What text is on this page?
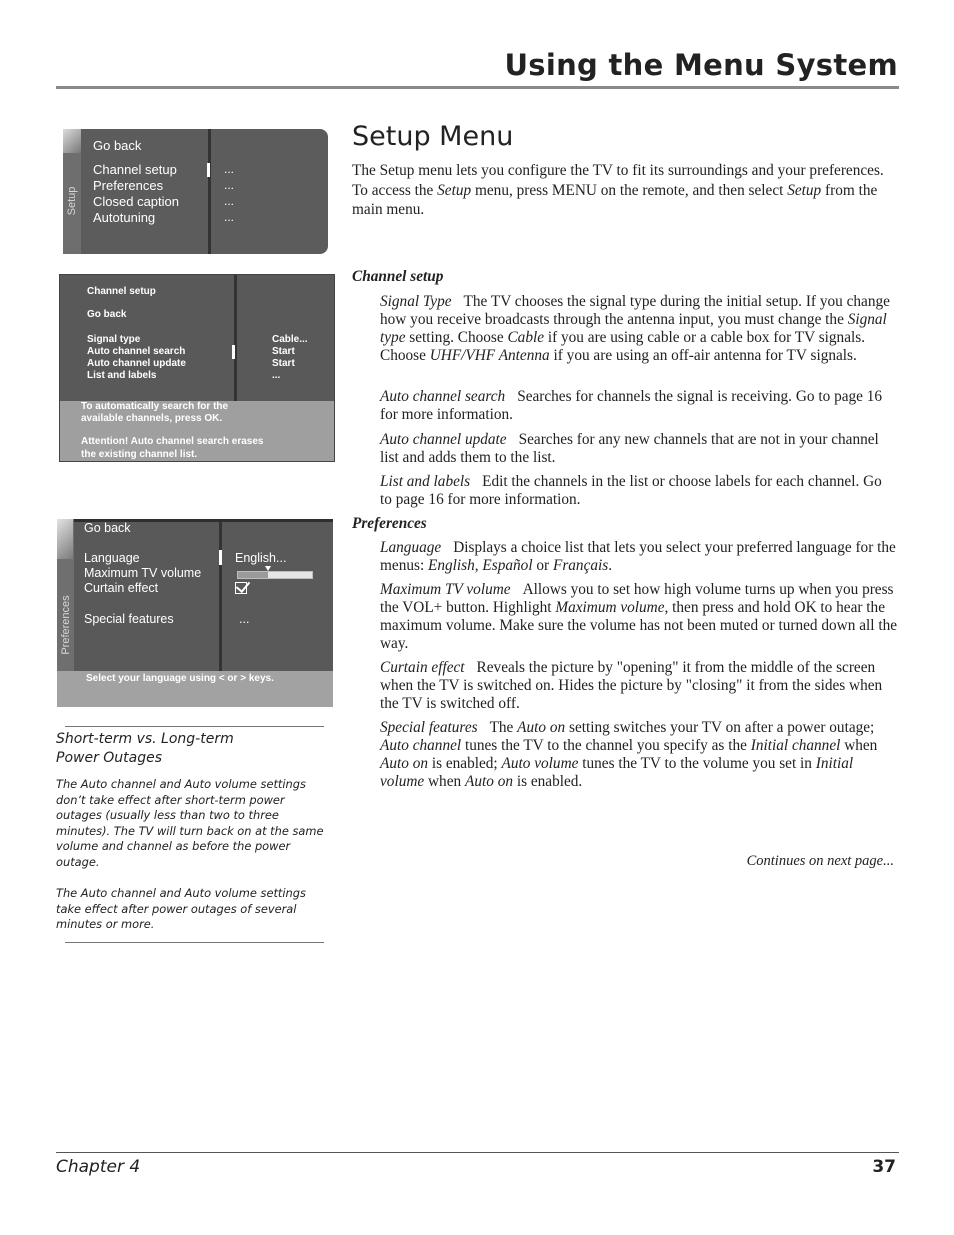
Using the Menu System
Setup
Go back
Channel setup	...
Preferences	...
Closed caption	...
Autotuning	...
Channel setup
Go back
Signal type	Cable...
Auto channel search	Start
Auto channel update	Start
List and labels	...
To automatically search for the
available channels, press OK.
Attention! Auto channel search erases
the existing channel list.
Preferences
Go back
Language	English...
Maximum TV volume
Curtain effect
Special features	...
Select your language using < or > keys.
Short-term vs. Long-term
Power Outages
The Auto channel and Auto volume settings
don’t take effect after short-term power
outages (usually less than two to three
minutes). The TV will turn back on at the same
volume and channel as before the power
outage.
The Auto channel and Auto volume settings
take effect after power outages of several
minutes or more.
Setup Menu
The Setup menu lets you configure the TV to fit its surroundings and your preferences. To access the Setup menu, press MENU on the remote, and then select Setup from the main menu.
Channel setup
Signal Type The TV chooses the signal type during the initial setup. If you change how you receive broadcasts through the antenna input, you must change the Signal type setting. Choose Cable if you are using cable or a cable box for TV signals. Choose UHF/VHF Antenna if you are using an off-air antenna for TV signals.
Auto channel search Searches for channels the signal is receiving. Go to page 16 for more information.
Auto channel update Searches for any new channels that are not in your channel list and adds them to the list.
List and labels Edit the channels in the list or choose labels for each channel. Go to page 16 for more information.
Preferences
Language Displays a choice list that lets you select your preferred language for the menus: English, Español or Français.
Maximum TV volume Allows you to set how high volume turns up when you press the VOL+ button. Highlight Maximum volume, then press and hold OK to hear the maximum volume. Make sure the volume has not been muted or turned down all the way.
Curtain effect Reveals the picture by "opening" it from the middle of the screen when the TV is switched on. Hides the picture by "closing" it from the sides when the TV is switched off.
Special features The Auto on setting switches your TV on after a power outage; Auto channel tunes the TV to the channel you specify as the Initial channel when Auto on is enabled; Auto volume tunes the TV to the volume you set in Initial volume when Auto on is enabled.
Continues on next page...
Chapter 4	37
